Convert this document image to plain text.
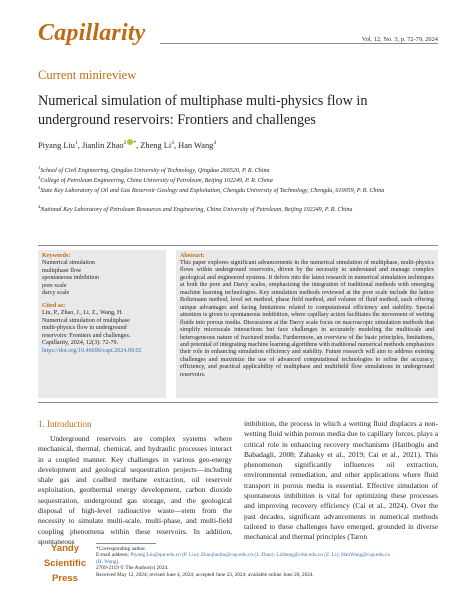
Capillarity	Vol. 12, No. 3, p. 72-79, 2024
Current minireview
Numerical simulation of multiphase multi-physics flow in underground reservoirs: Frontiers and challenges
Piyang Liu$^1$, Jianlin Zhao$^2$ *, Zheng Li$^3$, Han Wang$^4$
$^1$School of Civil Engineering, Qingdao University of Technology, Qingdao 266520, P. R. China
$^2$College of Petroleum Engineering, China University of Petroleum, Beijing 102249, P. R. China
$^3$State Key Laboratory of Oil and Gas Reservoir Geology and Exploitation, Chengdu University of Technology, Chengdu, 610059, P. R. China
$^4$National Key Laboratory of Petroleum Resources and Engineering, China University of Petroleum, Beijing 102249, P. R. China
Keywords:
Numerical simulation
multiphase flow
spontaneous imbibition
pore scale
darcy scale
Cited as:
Liu, P., Zhao, J., Li, Z., Wang, H.
Numerical simulation of multiphase
multi-physics flow in underground
reservoirs: Frontiers and challenges.
Capillarity, 2024, 12(3): 72-79.
https://doi.org/10.46690/capi.2024.09.02
Abstract:
This paper explores significant advancements in the numerical simulation of multiphase, multi-physics flows within underground reservoirs, driven by the necessity to understand and manage complex geological and engineered systems. It delves into the latest research in numerical simulation techniques at both the pore and Darcy scales, emphasizing the integration of traditional methods with emerging machine learning technologies. Key simulation methods reviewed at the pore scale include the lattice Boltzmann method, level set method, phase field method, and volume of fluid method, each offering unique advantages and facing limitations related to computational efficiency and stability. Special attention is given to spontaneous imbibition, where capillary action facilitates the movement of wetting fluids into porous media. Discussions at the Darcy scale focus on macroscopic simulation methods that simplify microscale interactions but face challenges in accurately modeling the multiscale and heterogeneous nature of fractured media. Furthermore, an overview of the basic principles, limitations, and potential of integrating machine learning algorithms with traditional numerical methods emphasizes their role in enhancing simulation efficiency and stability. Future research will aim to address existing challenges and maximize the use of advanced computational technologies to refine the accuracy, efficiency, and practical applicability of multiphase and multifield flow simulations in underground reservoirs.
1. Introduction
Underground reservoirs are complex systems where mechanical, thermal, chemical, and hydraulic processes interact in a coupled manner. Key challenges in various geo-energy development and geological sequestration projects—including shale gas and coalbed methane extraction, oil reservoir exploitation, geothermal energy development, carbon dioxide sequestration, underground gas storage, and the geological disposal of high-level radioactive waste—stem from the necessity to simulate multi-scale, multi-phase, and multi-field coupling phenomena within these reservoirs. In addition, spontaneous
imbibition, the process in which a wetting fluid displaces a non-wetting fluid within porous media due to capillary forces, plays a critical role in enhancing recovery mechanisms (Hatiboglu and Babadagli, 2008; Zahasky et al., 2019; Cai et al., 2021). This phenomenon significantly influences oil extraction, environmental remediation, and other applications where fluid transport in porous media is essential. Effective simulation of spontaneous imbibition is vital for optimizing these processes and improving recovery efficiency (Cai et al., 2024). Over the past decades, significant advancements in numerical methods tailored to these challenges have emerged, grounded in diverse mechanical and thermal principles (Taron
Yandy
Scientific
Press
*Corresponding author.
E-mail address: Piyang.Liu@qut.edu.cn (P. Liu); Zhaojianlin@cup.edu.cn (J. Zhao); Lizheng@cdut.edu.cn (Z. Li); HanWang@cup.edu.cn (H. Wang).
2709-2119 © The Author(s) 2024.
Received May 12, 2024; revised June 4, 2024; accepted June 23, 2024; available online June 26, 2024.
